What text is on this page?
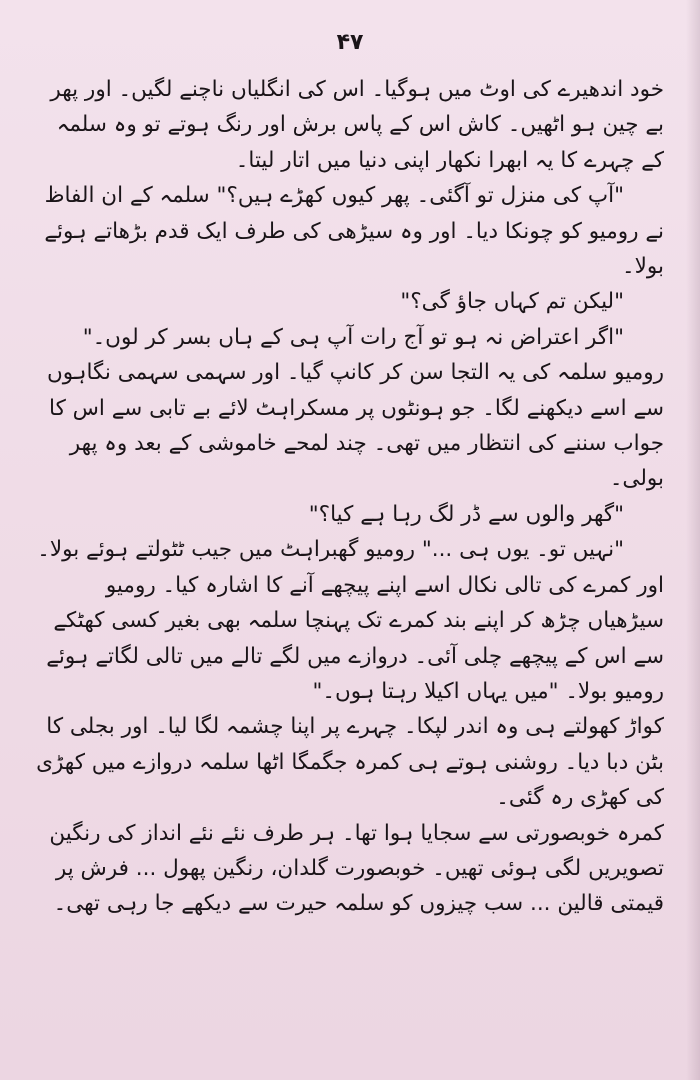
۴۷

خود اندھیرے کی اوٹ میں ہوگیا۔ اس کی انگلیاں ناچنے لگیں۔ اور پھر بے چین ہو اٹھیں۔ کاش اس کے پاس برش اور رنگ ہوتے تو وہ سلمہ کے چہرے کا یہ ابھرا نکھار اپنی دنیا میں اتار لیتا۔

"آپ کی منزل تو آگئی۔ پھر کیوں کھڑے ہیں؟" سلمہ کے ان الفاظ نے رومیو کو چونکا دیا۔ اور وہ سیڑھی کی طرف ایک قدم بڑھاتے ہوئے بولا۔

"لیکن تم کہاں جاؤ گی؟"

"اگر اعتراض نہ ہو تو آج رات آپ ہی کے ہاں بسر کر لوں۔"

رومیو سلمہ کی یہ التجا سن کر کانپ گیا۔ اور سہمی سہمی نگاہوں سے اسے دیکھنے لگا۔ جو ہونٹوں پر مسکراہٹ لائے بے تابی سے اس کا جواب سننے کی انتظار میں تھی۔ چند لمحے خاموشی کے بعد وہ پھر بولی۔

"گھر والوں سے ڈر لگ رہا ہے کیا؟"

"نہیں تو۔ یوں ہی ..." رومیو گھبراہٹ میں جیب ٹٹولتے ہوئے بولا۔ اور کمرے کی تالی نکال اسے اپنے پیچھے آنے کا اشارہ کیا۔ رومیو سیڑھیاں چڑھ کر اپنے بند کمرے تک پہنچا سلمہ بھی بغیر کسی کھٹکے سے اس کے پیچھے چلی آئی۔ دروازے میں لگے تالے میں تالی لگاتے ہوئے رومیو بولا۔ "میں یہاں اکیلا رہتا ہوں۔"

کواڑ کھولتے ہی وہ اندر لپکا۔ چہرے پر اپنا چشمہ لگا لیا۔ اور بجلی کا بٹن دبا دیا۔ روشنی ہوتے ہی کمرہ جگمگا اٹھا سلمہ دروازے میں کھڑی کی کھڑی رہ گئی۔

کمرہ خوبصورتی سے سجایا ہوا تھا۔ ہر طرف نئے نئے انداز کی رنگین تصویریں لگی ہوئی تھیں۔ خوبصورت گلدان، رنگین پھول ... فرش پر قیمتی قالین ... سب چیزوں کو سلمہ حیرت سے دیکھے جا رہی تھی۔
